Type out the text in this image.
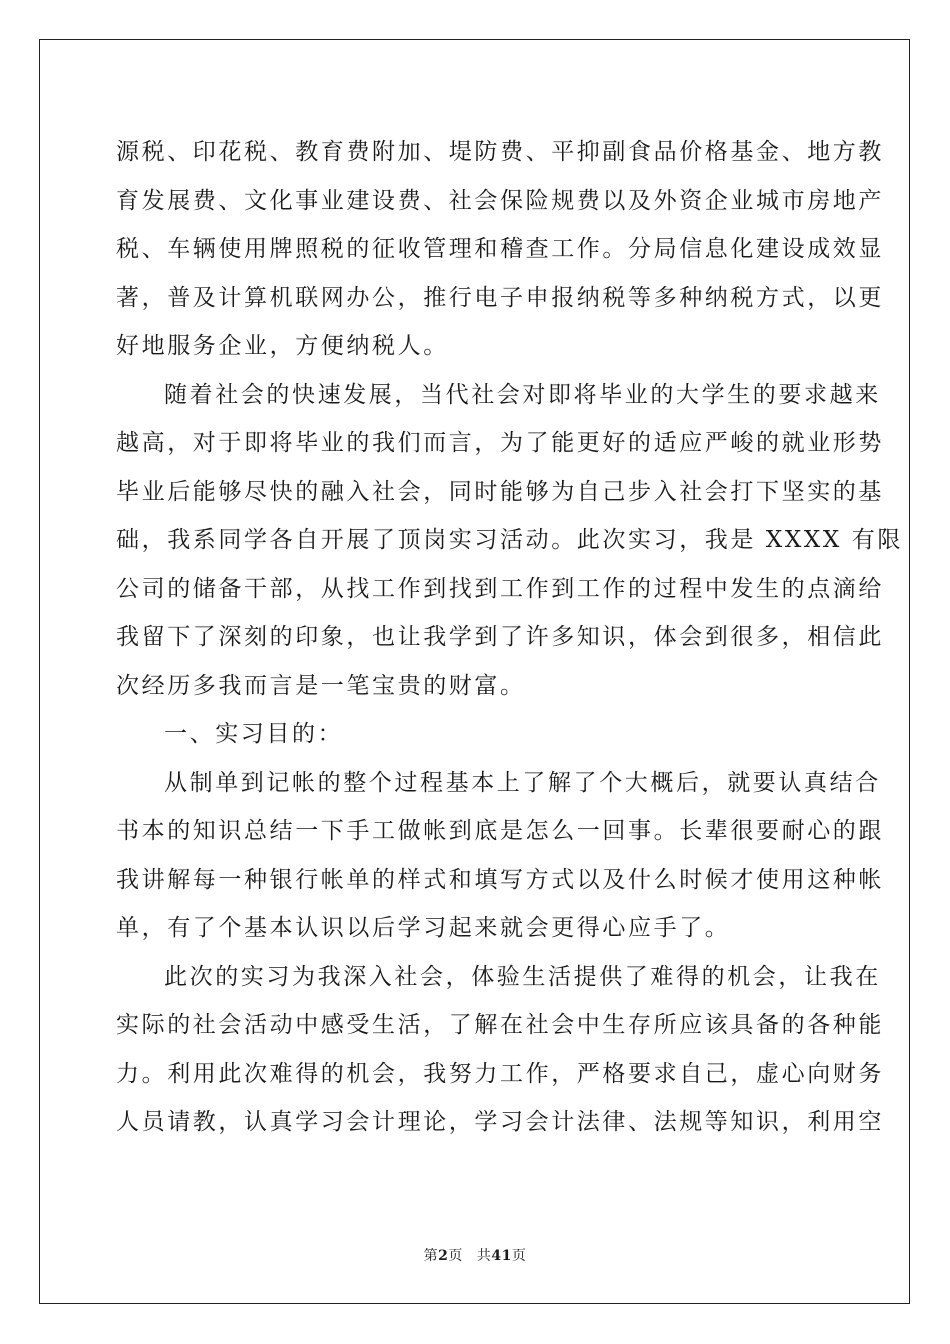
源税、印花税、教育费附加、堤防费、平抑副食品价格基金、地方教
育发展费、文化事业建设费、社会保险规费以及外资企业城市房地产
税、车辆使用牌照税的征收管理和稽查工作。分局信息化建设成效显
著，普及计算机联网办公，推行电子申报纳税等多种纳税方式，以更
好地服务企业，方便纳税人。
随着社会的快速发展，当代社会对即将毕业的大学生的要求越来
越高，对于即将毕业的我们而言，为了能更好的适应严峻的就业形势
毕业后能够尽快的融入社会，同时能够为自己步入社会打下坚实的基
础，我系同学各自开展了顶岗实习活动。此次实习，我是 XXXX 有限
公司的储备干部，从找工作到找到工作到工作的过程中发生的点滴给
我留下了深刻的印象，也让我学到了许多知识，体会到很多，相信此
次经历多我而言是一笔宝贵的财富。
一、实习目的：
从制单到记帐的整个过程基本上了解了个大概后，就要认真结合
书本的知识总结一下手工做帐到底是怎么一回事。长辈很要耐心的跟
我讲解每一种银行帐单的样式和填写方式以及什么时候才使用这种帐
单，有了个基本认识以后学习起来就会更得心应手了。
此次的实习为我深入社会，体验生活提供了难得的机会，让我在
实际的社会活动中感受生活，了解在社会中生存所应该具备的各种能
力。利用此次难得的机会，我努力工作，严格要求自己，虚心向财务
人员请教，认真学习会计理论，学习会计法律、法规等知识，利用空
第2页 共41页
